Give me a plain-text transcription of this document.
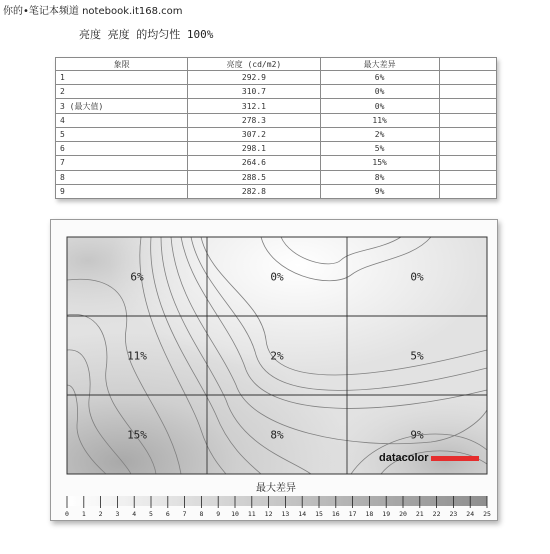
你的•笔记本频道 notebook.it168.com
亮度 亮度 的均匀性 100%
象限	亮度 (cd/m2)	最大差异	
1	292.9	6%	
2	310.7	0%	
3 (最大值)	312.1	0%	
4	278.3	11%	
5	307.2	2%	
6	298.1	5%	
7	264.6	15%	
8	288.5	8%	
9	282.8	9%	
6%	0%	0%
11%	2%	5%
15%	8%	9%
datacolor
最大差异
0 1 2 3 4 5 6 7 8 9 10 11 12 13 14 15 16 17 18 19 20 21 22 23 24 25
